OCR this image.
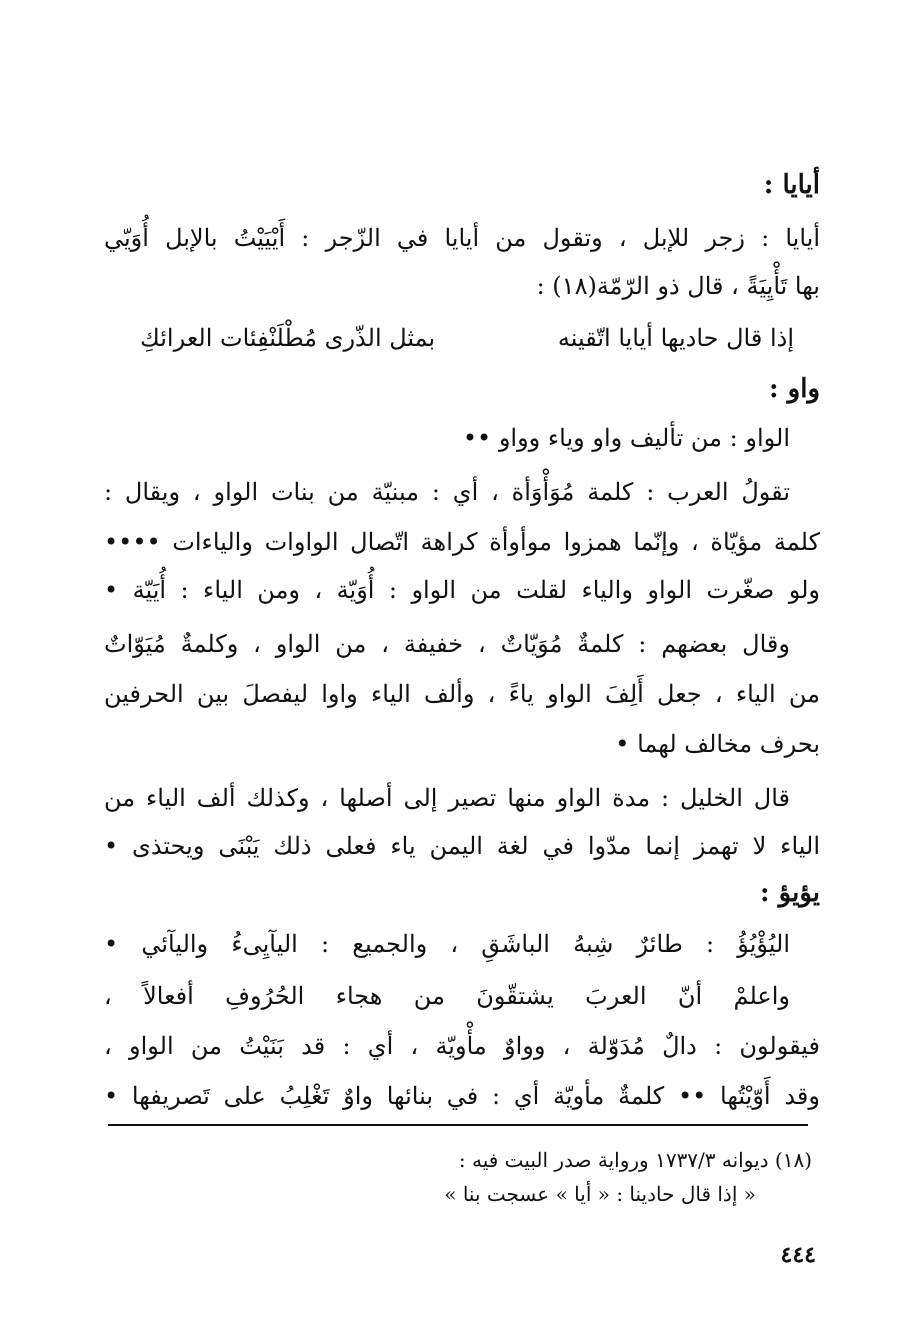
أيايا :
أيايا : زجر للإبل ، وتقول من أيايا في الزّجر : أَيْيَيْتُ بالإبل أُوَيّي
بها تَأْيِيَةً ، قال ذو الرّمّة(١٨) :
إذا قال حاديها أيايا اتّقينه
بمثل الذّرى مُطْلَنْفِئات العرائكِ
واو :
الواو : من تأليف واو وياء وواو ••
تقولُ العرب : كلمة مُوَأْوَأة ، أي : مبنيّة من بنات الواو ، ويقال :
كلمة مؤيّاة ، وإنّما همزوا موأوأة كراهة اتّصال الواوات والياءات ••••
ولو صغّرت الواو والياء لقلت من الواو : أُوَيّة ، ومن الياء : أُيَيّة •
وقال بعضهم : كلمةٌ مُوَيّاتٌ ، خفيفة ، من الواو ، وكلمةٌ مُيَوّاتٌ
من الياء ، جعل أَلِفَ الواو ياءً ، وألف الياء واوا ليفصلَ بين الحرفين
بحرف مخالف لهما •
قال الخليل : مدة الواو منها تصير إلى أصلها ، وكذلك ألف الياء من
الياء لا تهمز إنما مدّوا في لغة اليمن ياء فعلى ذلك يَبْنَى ويحتذى •
يؤيؤ :
اليُؤْيُؤُ : طائرٌ شِبهُ الباشَقِ ، والجميع : اليآيِىءُ واليآئي •
واعلمْ أنّ العربَ يشتقّونَ من هجاء الحُرُوفِ أفعالاً ،
فيقولون : دالٌ مُدَوّلة ، وواوٌ مأْويّة ، أي : قد بَنَيْتُ من الواو ،
وقد أَوّيْتُها •• كلمةٌ مأويّة أي : في بنائها واوٌ تَغْلِبُ على تَصريفها •
(١٨) ديوانه ١٧٣٧/٣ ورواية صدر البيت فيه :
« إذا قال حادينا : « أيا » عسجت بنا »
٤٤٤
